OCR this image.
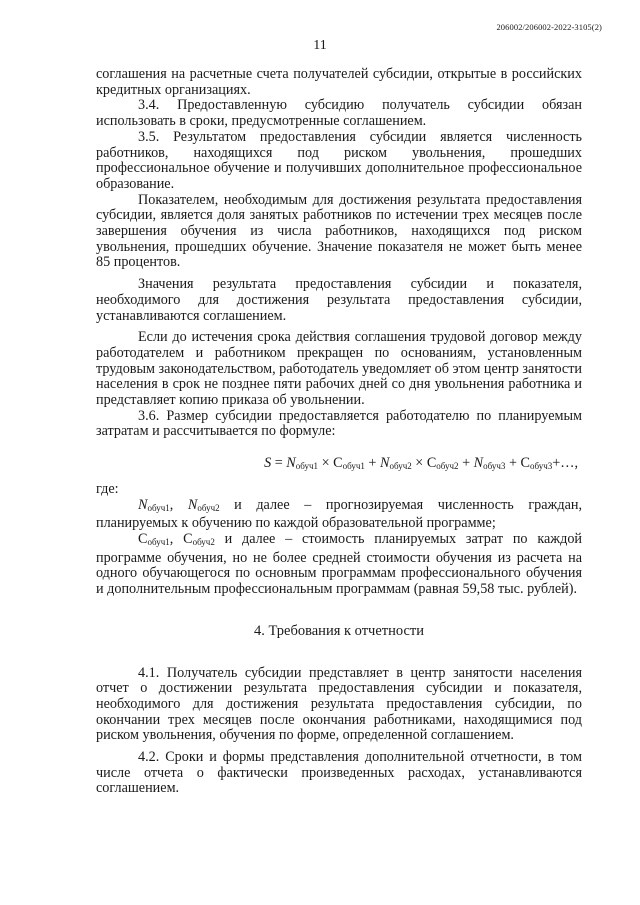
206002/206002-2022-3105(2)
11

соглашения на расчетные счета получателей субсидии, открытые в российских кредитных организациях.

3.4. Предоставленную субсидию получатель субсидии обязан использовать в сроки, предусмотренные соглашением.

3.5. Результатом предоставления субсидии является численность работников, находящихся под риском увольнения, прошедших профессиональное обучение и получивших дополнительное профессиональное образование.

Показателем, необходимым для достижения результата предоставления субсидии, является доля занятых работников по истечении трех месяцев после завершения обучения из числа работников, находящихся под риском увольнения, прошедших обучение. Значение показателя не может быть менее 85 процентов.

Значения результата предоставления субсидии и показателя, необходимого для достижения результата предоставления субсидии, устанавливаются соглашением.

Если до истечения срока действия соглашения трудовой договор между работодателем и работником прекращен по основаниям, установленным трудовым законодательством, работодатель уведомляет об этом центр занятости населения в срок не позднее пяти рабочих дней со дня увольнения работника и представляет копию приказа об увольнении.

3.6. Размер субсидии предоставляется работодателю по планируемым затратам и рассчитывается по формуле:

$S = N_{обуч1} \times C_{обуч1} + N_{обуч2} \times C_{обуч2} + N_{обуч3}$ + $C_{обуч3}+\dots$,

где:

$N_{обуч1}$, $N_{обуч2}$ и далее – прогнозируемая численность граждан, планируемых к обучению по каждой образовательной программе;

$C_{обуч1}$, $C_{обуч2}$ и далее – стоимость планируемых затрат по каждой программе обучения, но не более средней стоимости обучения из расчета на одного обучающегося по основным программам профессионального обучения и дополнительным профессиональным программам (равная 59,58 тыс. рублей).

4. Требования к отчетности

4.1. Получатель субсидии представляет в центр занятости населения отчет о достижении результата предоставления субсидии и показателя, необходимого для достижения результата предоставления субсидии, по окончании трех месяцев после окончания работниками, находящимися под риском увольнения, обучения по форме, определенной соглашением.

4.2. Сроки и формы представления дополнительной отчетности, в том числе отчета о фактически произведенных расходах, устанавливаются соглашением.
